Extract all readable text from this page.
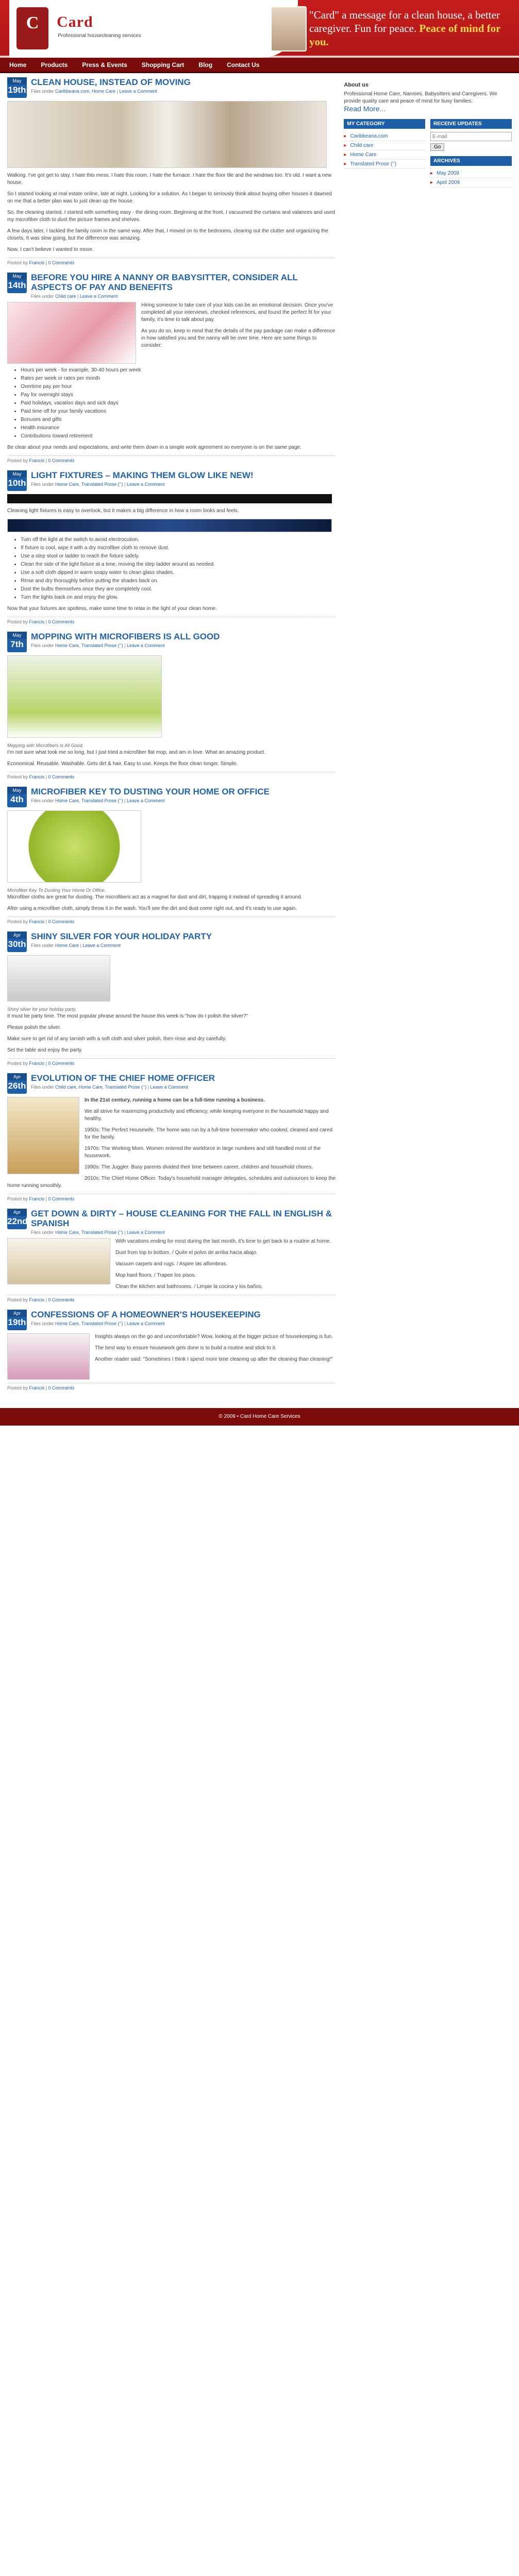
C	Card
Professional housecleaning services
"Card" a message for a clean house, a better caregiver. Fun for peace. Peace of mind for you.
Home Products Press & Events Shopping Cart Blog Contact Us
May
19th
CLEAN HOUSE, INSTEAD OF MOVING
Files under Caribbeana.com, Home Care | Leave a Comment

Walking. I've got get to stay. I hate this mess. I hate this room. I hate the furnace. I hate the floor tile and the windows too. It's old. I want a new house.

So I started looking at real estate online, late at night. Looking for a solution. As I began to seriously think about buying other houses it dawned on me that a better plan was to just clean up the house.

So, the cleaning started. I started with something easy - the dining room. Beginning at the front, I vacuumed the curtains and valances and used my microfiber cloth to dust the picture frames and shelves.

A few days later, I tackled the family room in the same way. After that, I moved on to the bedrooms, clearing out the clutter and organizing the closets. It was slow going, but the difference was amazing.

Now, I can't believe I wanted to move.

Posted by Francis | 0 Comments
May
14th
BEFORE YOU HIRE A NANNY OR BABYSITTER, CONSIDER ALL ASPECTS OF PAY AND BENEFITS
Files under Child care | Leave a Comment

Hiring someone to take care of your kids can be an emotional decision. Once you've completed all your interviews, checked references, and found the perfect fit for your family, it's time to talk about pay.

As you do so, keep in mind that the details of the pay package can make a difference in how satisfied you and the nanny will be over time. Here are some things to consider:

• Hours per week - for example, 30-40 hours per week
• Rates per week or rates per month
• Overtime pay per hour
• Pay for overnight stays
• Paid holidays, vacation days and sick days
• Paid time off for your family vacations
• Bonuses and gifts
• Health insurance
• Contributions toward retirement

Be clear about your needs and expectations, and write them down in a simple work agreement so everyone is on the same page.

Posted by Francis | 0 Comments
May
10th
LIGHT FIXTURES – MAKING THEM GLOW LIKE NEW!
Files under Home Care, Translated Prose (‘’) | Leave a Comment

Cleaning light fixtures is easy to overlook, but it makes a big difference in how a room looks and feels.

• Turn off the light at the switch to avoid electrocution.
• If fixture is cool, wipe it with a dry microfiber cloth to remove dust.
• Use a step stool or ladder to reach the fixture safely.
• Clean the side of the light fixture at a time, moving the step ladder around as needed.
• Use a soft cloth dipped in warm soapy water to clean glass shades.
• Rinse and dry thoroughly before putting the shades back on.
• Dust the bulbs themselves once they are completely cool.
• Turn the lights back on and enjoy the glow.

Now that your fixtures are spotless, make some time to relax in the light of your clean home.

Posted by Francis | 0 Comments
May
7th
MOPPING WITH MICROFIBERS IS ALL GOOD
Files under Home Care, Translated Prose (‘’) | Leave a Comment
Mopping with Microfibers Is All Good.

I'm not sure what took me so long, but I just tried a microfiber flat mop, and am in love. What an amazing product.

Economical. Reusable. Washable. Gets dirt & hair. Easy to use. Keeps the floor clean longer. Simple.

Posted by Francis | 0 Comments
May
4th
MICROFIBER KEY TO DUSTING YOUR HOME OR OFFICE
Files under Home Care, Translated Prose (‘’) | Leave a Comment
Microfiber Key To Dusting Your Home Or Office.

Microfiber cloths are great for dusting. The microfibers act as a magnet for dust and dirt, trapping it instead of spreading it around.

After using a microfiber cloth, simply throw it in the wash. You'll see the dirt and dust come right out, and it's ready to use again.

Posted by Francis | 0 Comments
Apr
30th
SHINY SILVER FOR YOUR HOLIDAY PARTY
Files under Home Care | Leave a Comment
Shiny silver for your holiday party.

It must be party time. The most popular phrase around the house this week is "how do I polish the silver?"

Please polish the silver.

Make sure to get rid of any tarnish with a soft cloth and silver polish, then rinse and dry carefully.

Set the table and enjoy the party.

Posted by Francis | 0 Comments
Apr
26th
EVOLUTION OF THE CHIEF HOME OFFICER
Files under Child care, Home Care, Translated Prose (‘’) | Leave a Comment

In the 21st century, running a home can be a full-time running a business.

We all strive for maximizing productivity and efficiency, while keeping everyone in the household happy and healthy.

1950s: The Perfect Housewife. The home was run by a full-time homemaker who cooked, cleaned and cared for the family.

1970s: The Working Mom. Women entered the workforce in large numbers and still handled most of the housework.

1990s: The Juggler. Busy parents divided their time between career, children and household chores.

2010s: The Chief Home Officer. Today's household manager delegates, schedules and outsources to keep the home running smoothly.

Posted by Francis | 0 Comments
Apr
22nd
GET DOWN & DIRTY – HOUSE CLEANING FOR THE FALL IN ENGLISH & SPANISH
Files under Home Care, Translated Prose (‘’) | Leave a Comment

With vacations ending for most during the last month, it's time to get back to a routine at home.

Dust from top to bottom. / Quite el polvo de arriba hacia abajo.

Vacuum carpets and rugs. / Aspire las alfombras.

Mop hard floors. / Trapee los pisos.

Clean the kitchen and bathrooms. / Limpie la cocina y los baños.

Posted by Francis | 0 Comments
Apr
19th
CONFESSIONS OF A HOMEOWNER'S HOUSEKEEPING
Files under Home Care, Translated Prose (‘’) | Leave a Comment

Insights always on the go and uncomfortable? Wow, looking at the bigger picture of housekeeping is fun.

The best way to ensure housework gets done is to build a routine and stick to it.

Another reader said: "Sometimes I think I spend more time cleaning up after the cleaning than cleaning!"

Posted by Francis | 0 Comments
About us

Professional Home Care, Nannies, Babysitters and Caregivers. We provide quality care and peace of mind for busy families.

Read More...
MY CATEGORY
▸ Caribbeana.com
▸ Child care
▸ Home Care
▸ Translated Prose (‘’)
RECEIVE UPDATES
E-mail Go
ARCHIVES
▸ May 2009
▸ April 2009
© 2009 • Card Home Care Services
